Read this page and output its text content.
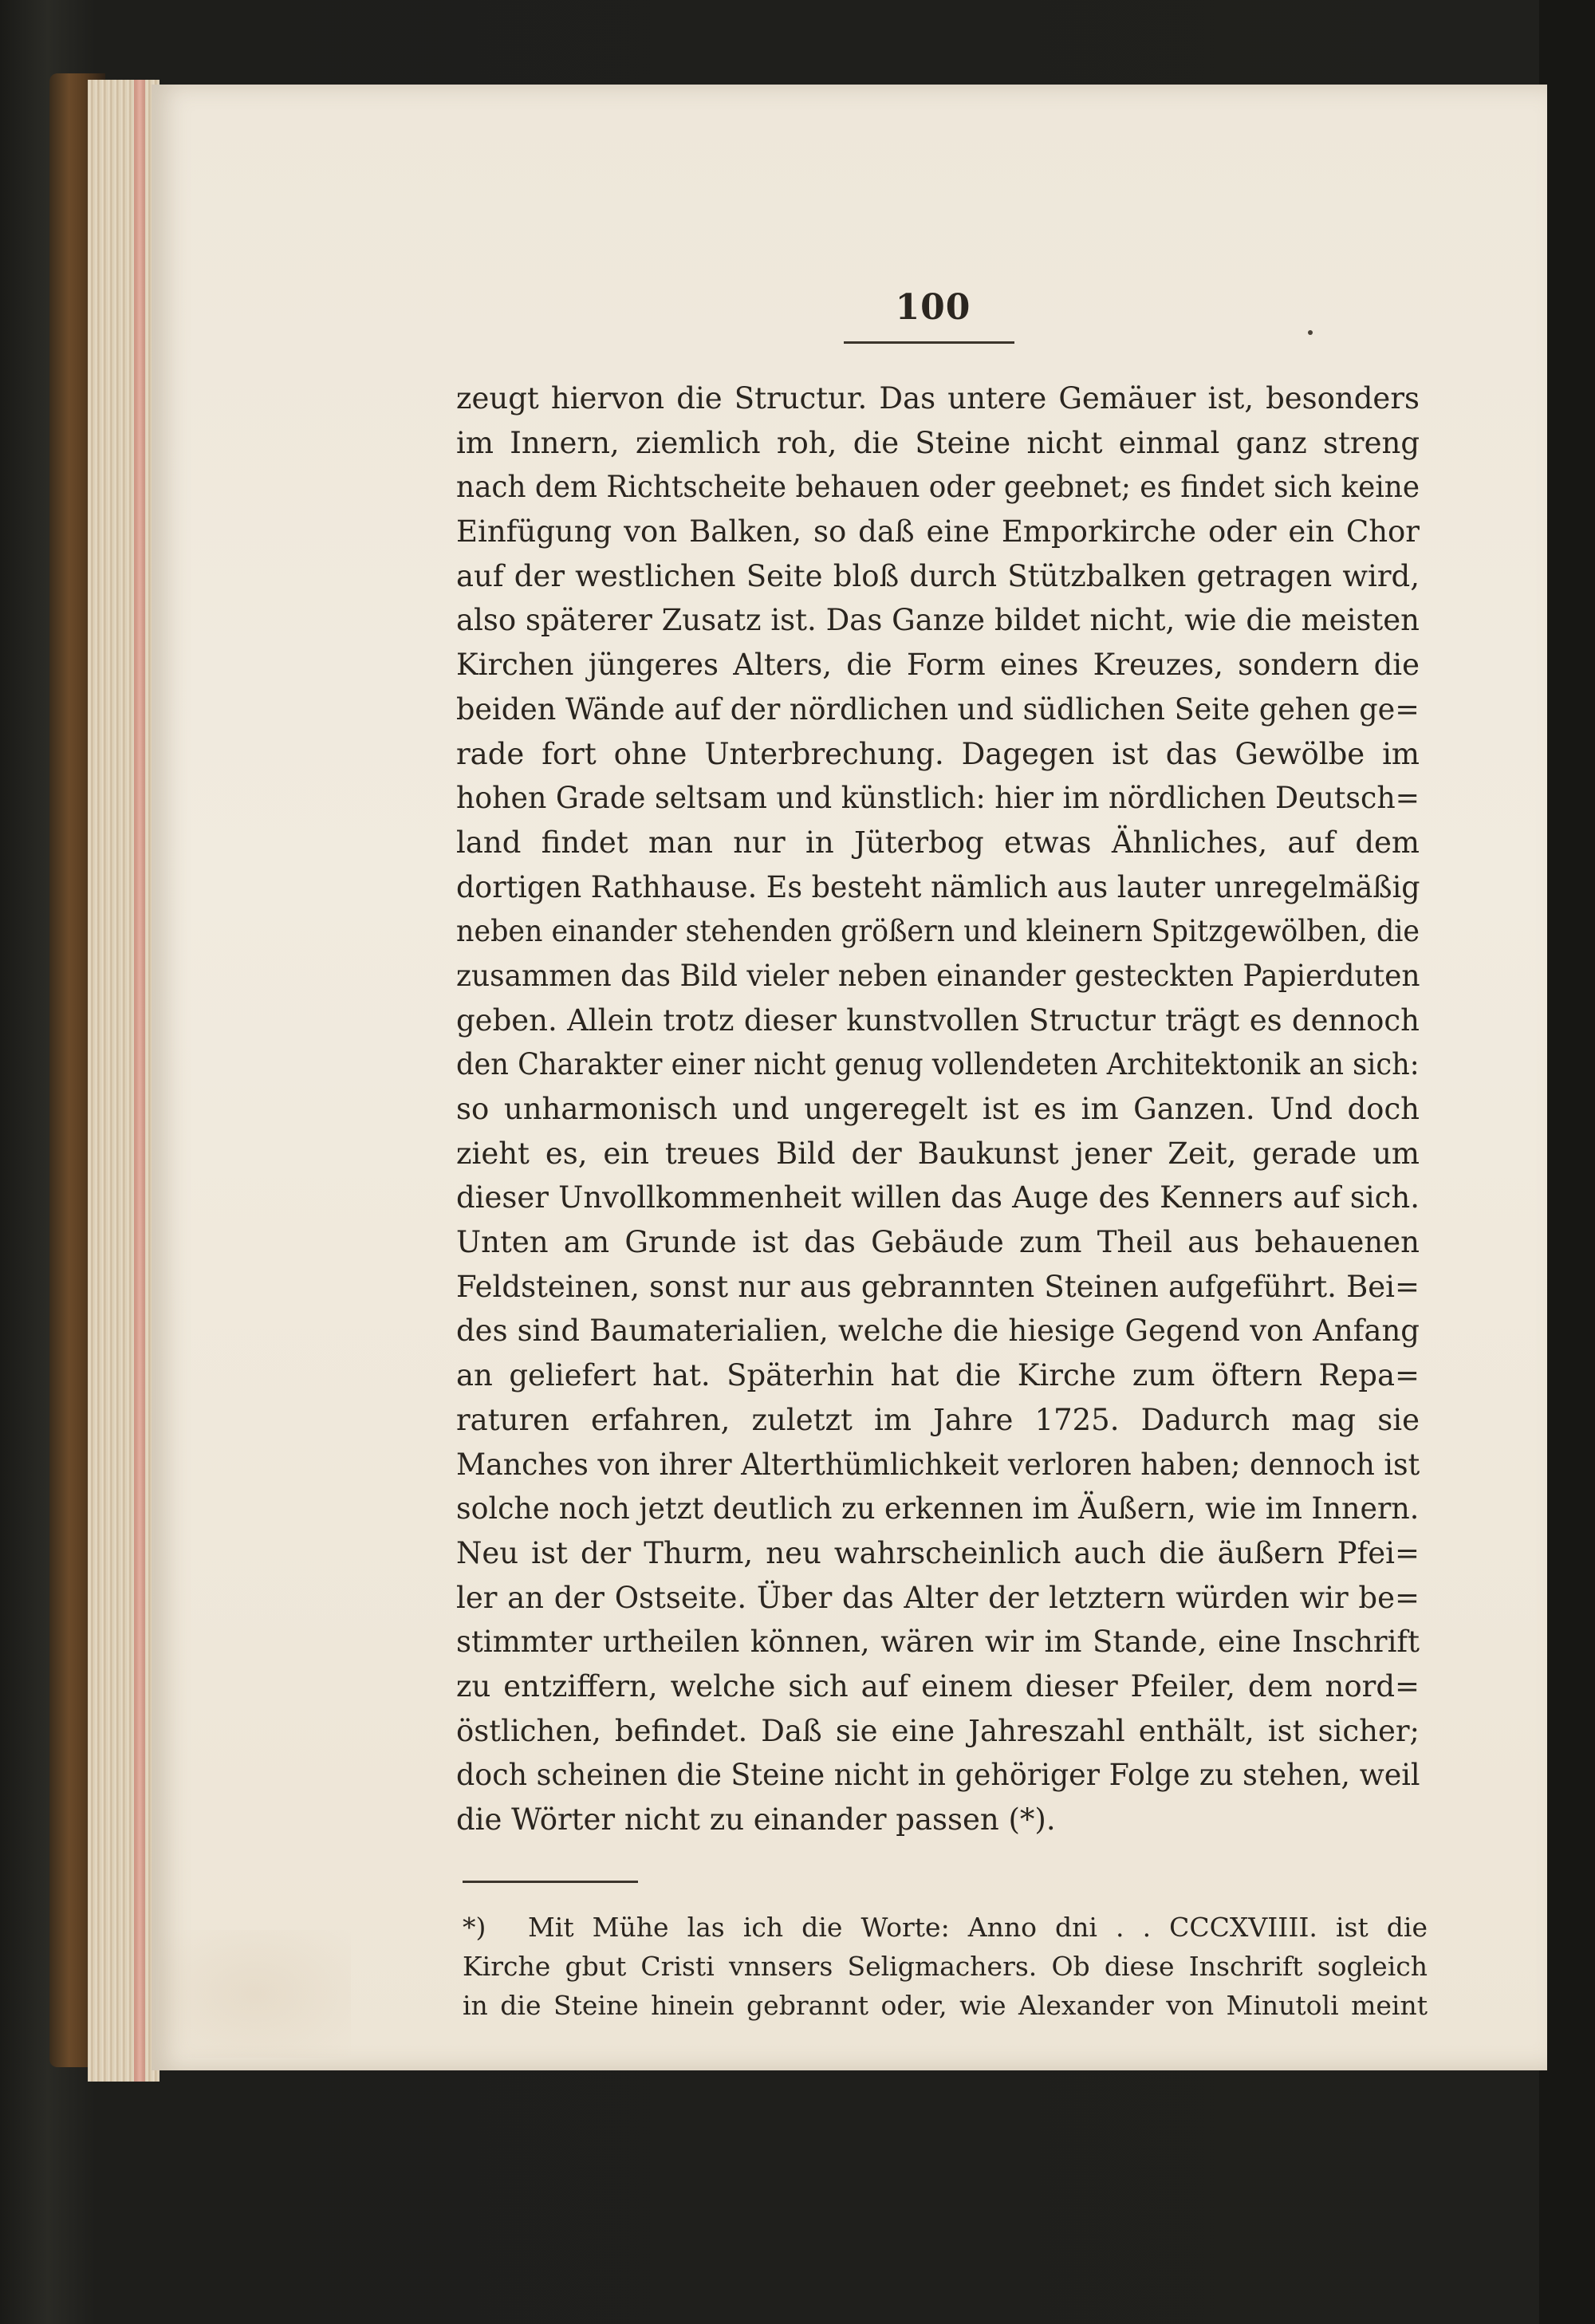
100
zeugt hiervon die Structur. Das untere Gemäuer ist, besonders
im Innern, ziemlich roh, die Steine nicht einmal ganz streng
nach dem Richtscheite behauen oder geebnet; es findet sich keine
Einfügung von Balken, so daß eine Emporkirche oder ein Chor
auf der westlichen Seite bloß durch Stützbalken getragen wird,
also späterer Zusatz ist. Das Ganze bildet nicht, wie die meisten
Kirchen jüngeres Alters, die Form eines Kreuzes, sondern die
beiden Wände auf der nördlichen und südlichen Seite gehen ge=
rade fort ohne Unterbrechung. Dagegen ist das Gewölbe im
hohen Grade seltsam und künstlich: hier im nördlichen Deutsch=
land findet man nur in Jüterbog etwas Ähnliches, auf dem
dortigen Rathhause. Es besteht nämlich aus lauter unregelmäßig
neben einander stehenden größern und kleinern Spitzgewölben, die
zusammen das Bild vieler neben einander gesteckten Papierduten
geben. Allein trotz dieser kunstvollen Structur trägt es dennoch
den Charakter einer nicht genug vollendeten Architektonik an sich:
so unharmonisch und ungeregelt ist es im Ganzen. Und doch
zieht es, ein treues Bild der Baukunst jener Zeit, gerade um
dieser Unvollkommenheit willen das Auge des Kenners auf sich.
Unten am Grunde ist das Gebäude zum Theil aus behauenen
Feldsteinen, sonst nur aus gebrannten Steinen aufgeführt. Bei=
des sind Baumaterialien, welche die hiesige Gegend von Anfang
an geliefert hat. Späterhin hat die Kirche zum öftern Repa=
raturen erfahren, zuletzt im Jahre 1725. Dadurch mag sie
Manches von ihrer Alterthümlichkeit verloren haben; dennoch ist
solche noch jetzt deutlich zu erkennen im Äußern, wie im Innern.
Neu ist der Thurm, neu wahrscheinlich auch die äußern Pfei=
ler an der Ostseite. Über das Alter der letztern würden wir be=
stimmter urtheilen können, wären wir im Stande, eine Inschrift
zu entziffern, welche sich auf einem dieser Pfeiler, dem nord=
östlichen, befindet. Daß sie eine Jahreszahl enthält, ist sicher;
doch scheinen die Steine nicht in gehöriger Folge zu stehen, weil
die Wörter nicht zu einander passen (*).
*)	Mit Mühe las ich die Worte: Anno dni . . CCCXVIIII. ist die
Kirche gbut Cristi vnnsers Seligmachers. Ob diese Inschrift sogleich
in die Steine hinein gebrannt oder, wie Alexander von Minutoli meint
